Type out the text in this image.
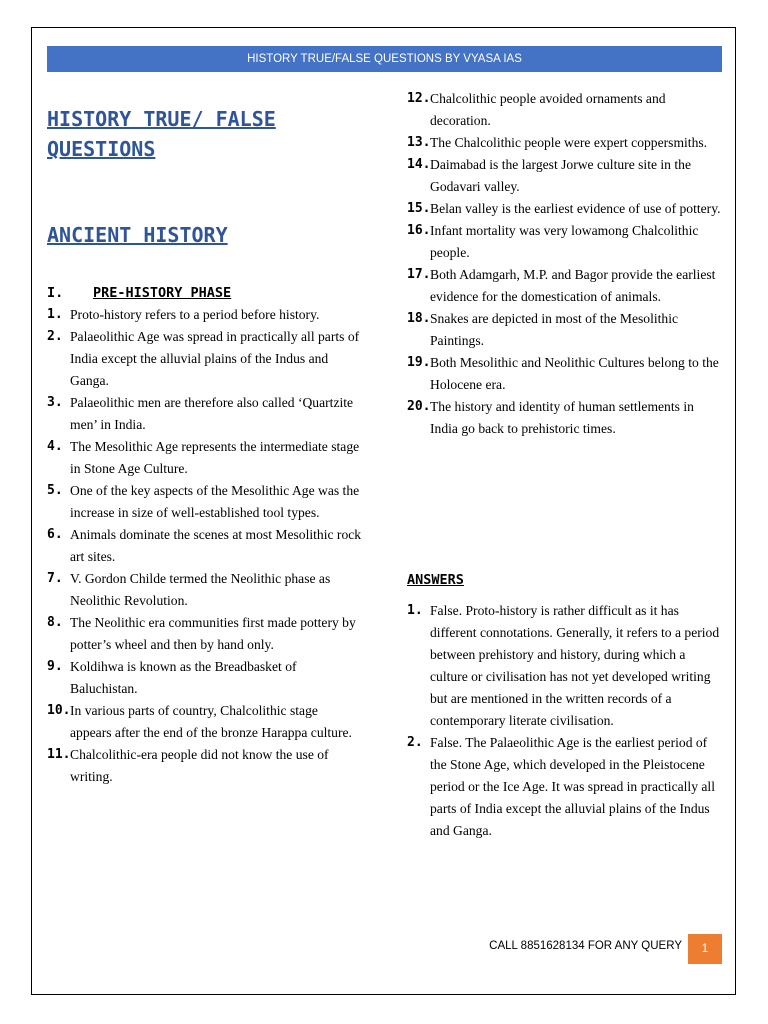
HISTORY TRUE/FALSE QUESTIONS BY VYASA IAS
HISTORY TRUE/ FALSE QUESTIONS
ANCIENT HISTORY
I. PRE-HISTORY PHASE
1. Proto-history refers to a period before history.
2. Palaeolithic Age was spread in practically all parts of India except the alluvial plains of the Indus and Ganga.
3. Palaeolithic men are therefore also called ‘Quartzite men’ in India.
4. The Mesolithic Age represents the intermediate stage in Stone Age Culture.
5. One of the key aspects of the Mesolithic Age was the increase in size of well-established tool types.
6. Animals dominate the scenes at most Mesolithic rock art sites.
7. V. Gordon Childe termed the Neolithic phase as Neolithic Revolution.
8. The Neolithic era communities first made pottery by potter’s wheel and then by hand only.
9. Koldihwa is known as the Breadbasket of Baluchistan.
10. In various parts of country, Chalcolithic stage appears after the end of the bronze Harappa culture.
11. Chalcolithic-era people did not know the use of writing.
12. Chalcolithic people avoided ornaments and decoration.
13. The Chalcolithic people were expert coppersmiths.
14. Daimabad is the largest Jorwe culture site in the Godavari valley.
15. Belan valley is the earliest evidence of use of pottery.
16. Infant mortality was very lowamong Chalcolithic people.
17. Both Adamgarh, M.P. and Bagor provide the earliest evidence for the domestication of animals.
18. Snakes are depicted in most of the Mesolithic Paintings.
19. Both Mesolithic and Neolithic Cultures belong to the Holocene era.
20. The history and identity of human settlements in India go back to prehistoric times.
ANSWERS
1. False. Proto-history is rather difficult as it has different connotations. Generally, it refers to a period between prehistory and history, during which a culture or civilisation has not yet developed writing but are mentioned in the written records of a contemporary literate civilisation.
2. False. The Palaeolithic Age is the earliest period of the Stone Age, which developed in the Pleistocene period or the Ice Age. It was spread in practically all parts of India except the alluvial plains of the Indus and Ganga.
CALL 8851628134 FOR ANY QUERY 1
